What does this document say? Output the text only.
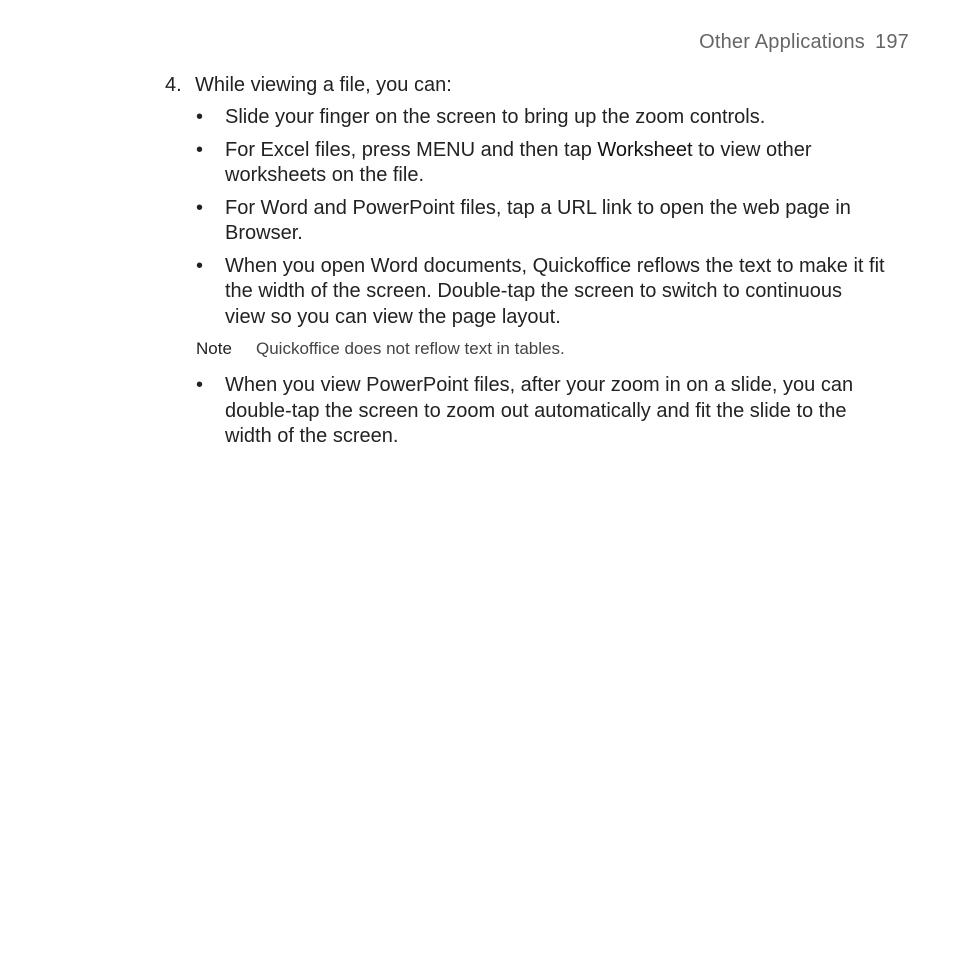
Other Applications 197
4. While viewing a file, you can:
• Slide your finger on the screen to bring up the zoom controls.
• For Excel files, press MENU and then tap Worksheet to view other worksheets on the file.
• For Word and PowerPoint files, tap a URL link to open the web page in Browser.
• When you open Word documents, Quickoffice reflows the text to make it fit the width of the screen. Double-tap the screen to switch to continuous view so you can view the page layout.
Note Quickoffice does not reflow text in tables.
• When you view PowerPoint files, after your zoom in on a slide, you can double-tap the screen to zoom out automatically and fit the slide to the width of the screen.
